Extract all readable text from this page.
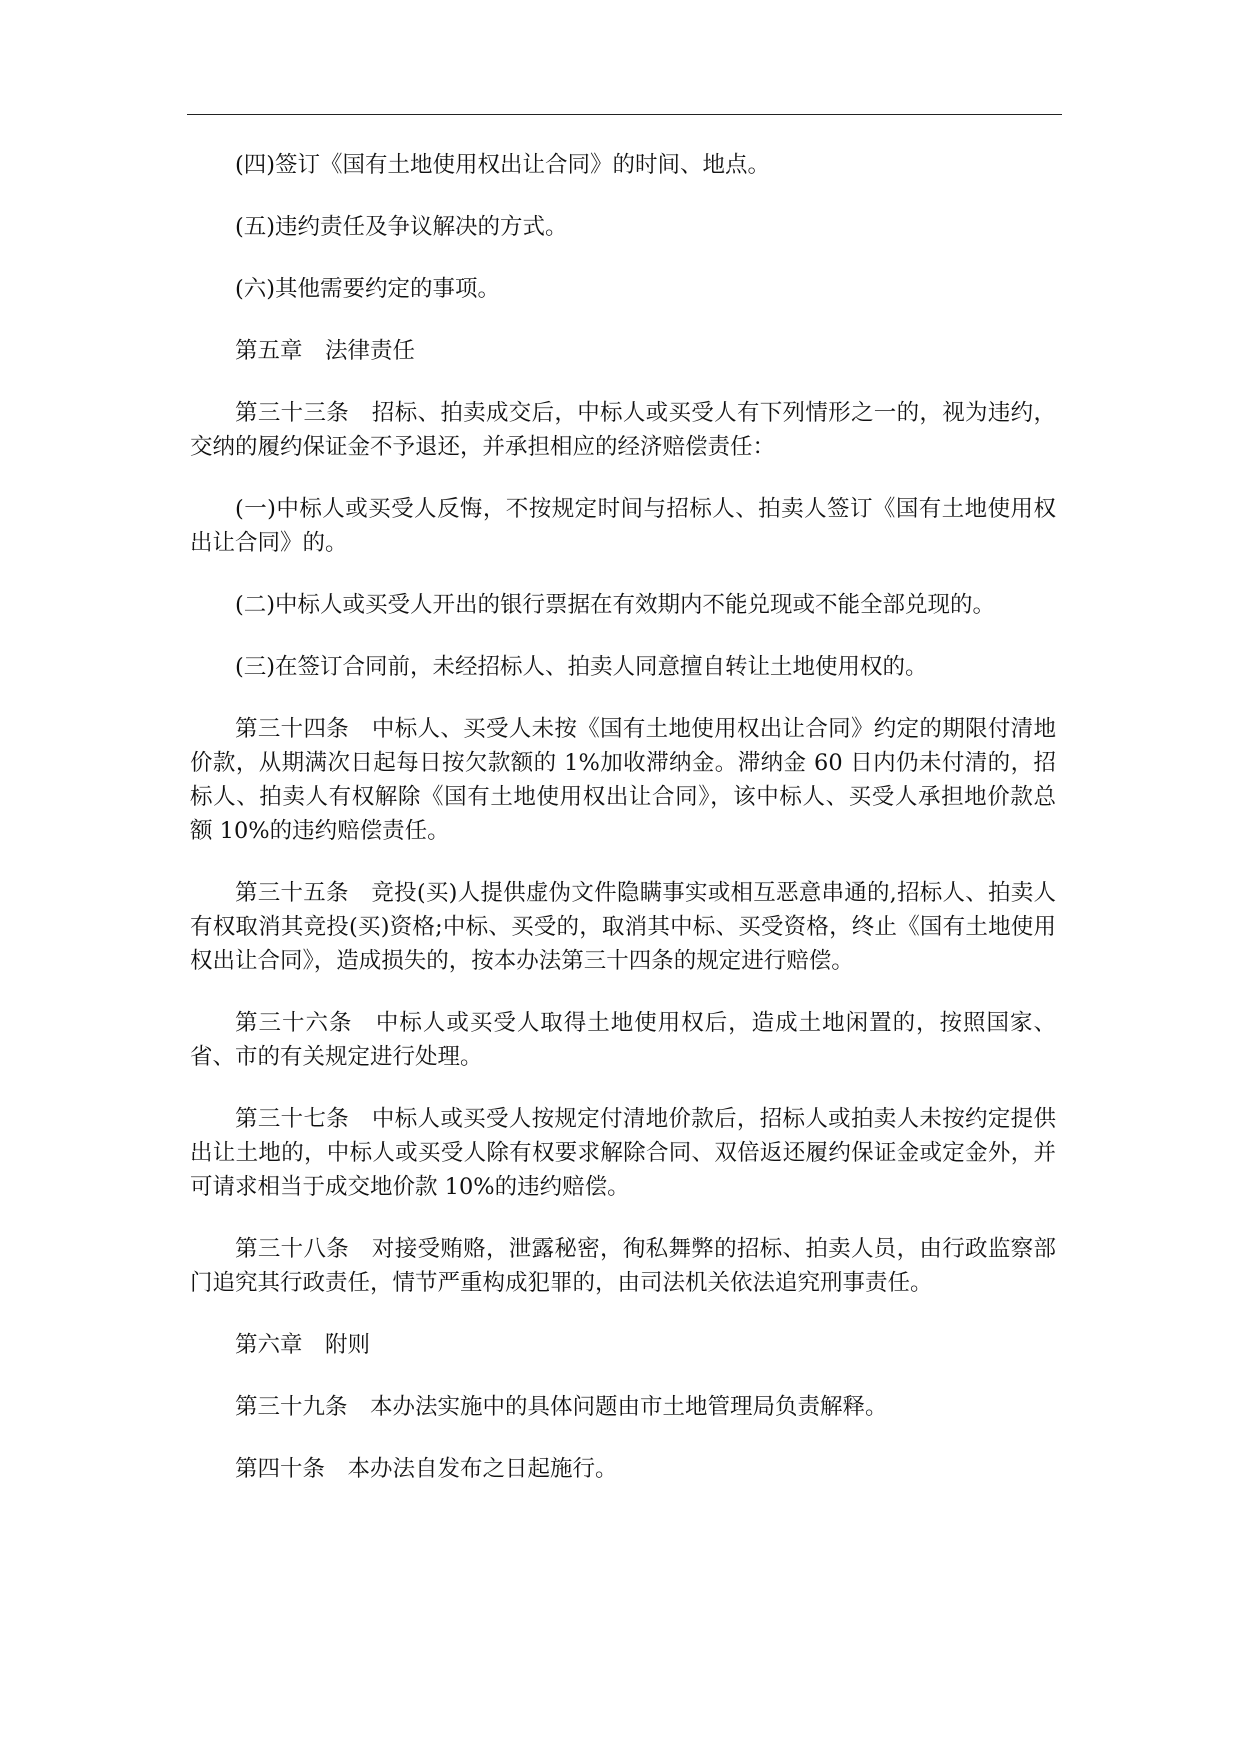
(四)签订《国有土地使用权出让合同》的时间、地点。

(五)违约责任及争议解决的方式。

(六)其他需要约定的事项。

第五章　法律责任

第三十三条　招标、拍卖成交后，中标人或买受人有下列情形之一的，视为违约，交纳的履约保证金不予退还，并承担相应的经济赔偿责任：

(一)中标人或买受人反悔，不按规定时间与招标人、拍卖人签订《国有土地使用权出让合同》的。

(二)中标人或买受人开出的银行票据在有效期内不能兑现或不能全部兑现的。

(三)在签订合同前，未经招标人、拍卖人同意擅自转让土地使用权的。

第三十四条　中标人、买受人未按《国有土地使用权出让合同》约定的期限付清地价款，从期满次日起每日按欠款额的 1%加收滞纳金。滞纳金 60 日内仍未付清的，招标人、拍卖人有权解除《国有土地使用权出让合同》，该中标人、买受人承担地价款总额 10%的违约赔偿责任。

第三十五条　竞投(买)人提供虚伪文件隐瞒事实或相互恶意串通的,招标人、拍卖人有权取消其竞投(买)资格;中标、买受的，取消其中标、买受资格，终止《国有土地使用权出让合同》，造成损失的，按本办法第三十四条的规定进行赔偿。

第三十六条　中标人或买受人取得土地使用权后，造成土地闲置的，按照国家、省、市的有关规定进行处理。

第三十七条　中标人或买受人按规定付清地价款后，招标人或拍卖人未按约定提供出让土地的，中标人或买受人除有权要求解除合同、双倍返还履约保证金或定金外，并可请求相当于成交地价款 10%的违约赔偿。

第三十八条　对接受贿赂，泄露秘密，徇私舞弊的招标、拍卖人员，由行政监察部门追究其行政责任，情节严重构成犯罪的，由司法机关依法追究刑事责任。

第六章　附则

第三十九条　本办法实施中的具体问题由市土地管理局负责解释。

第四十条　本办法自发布之日起施行。
